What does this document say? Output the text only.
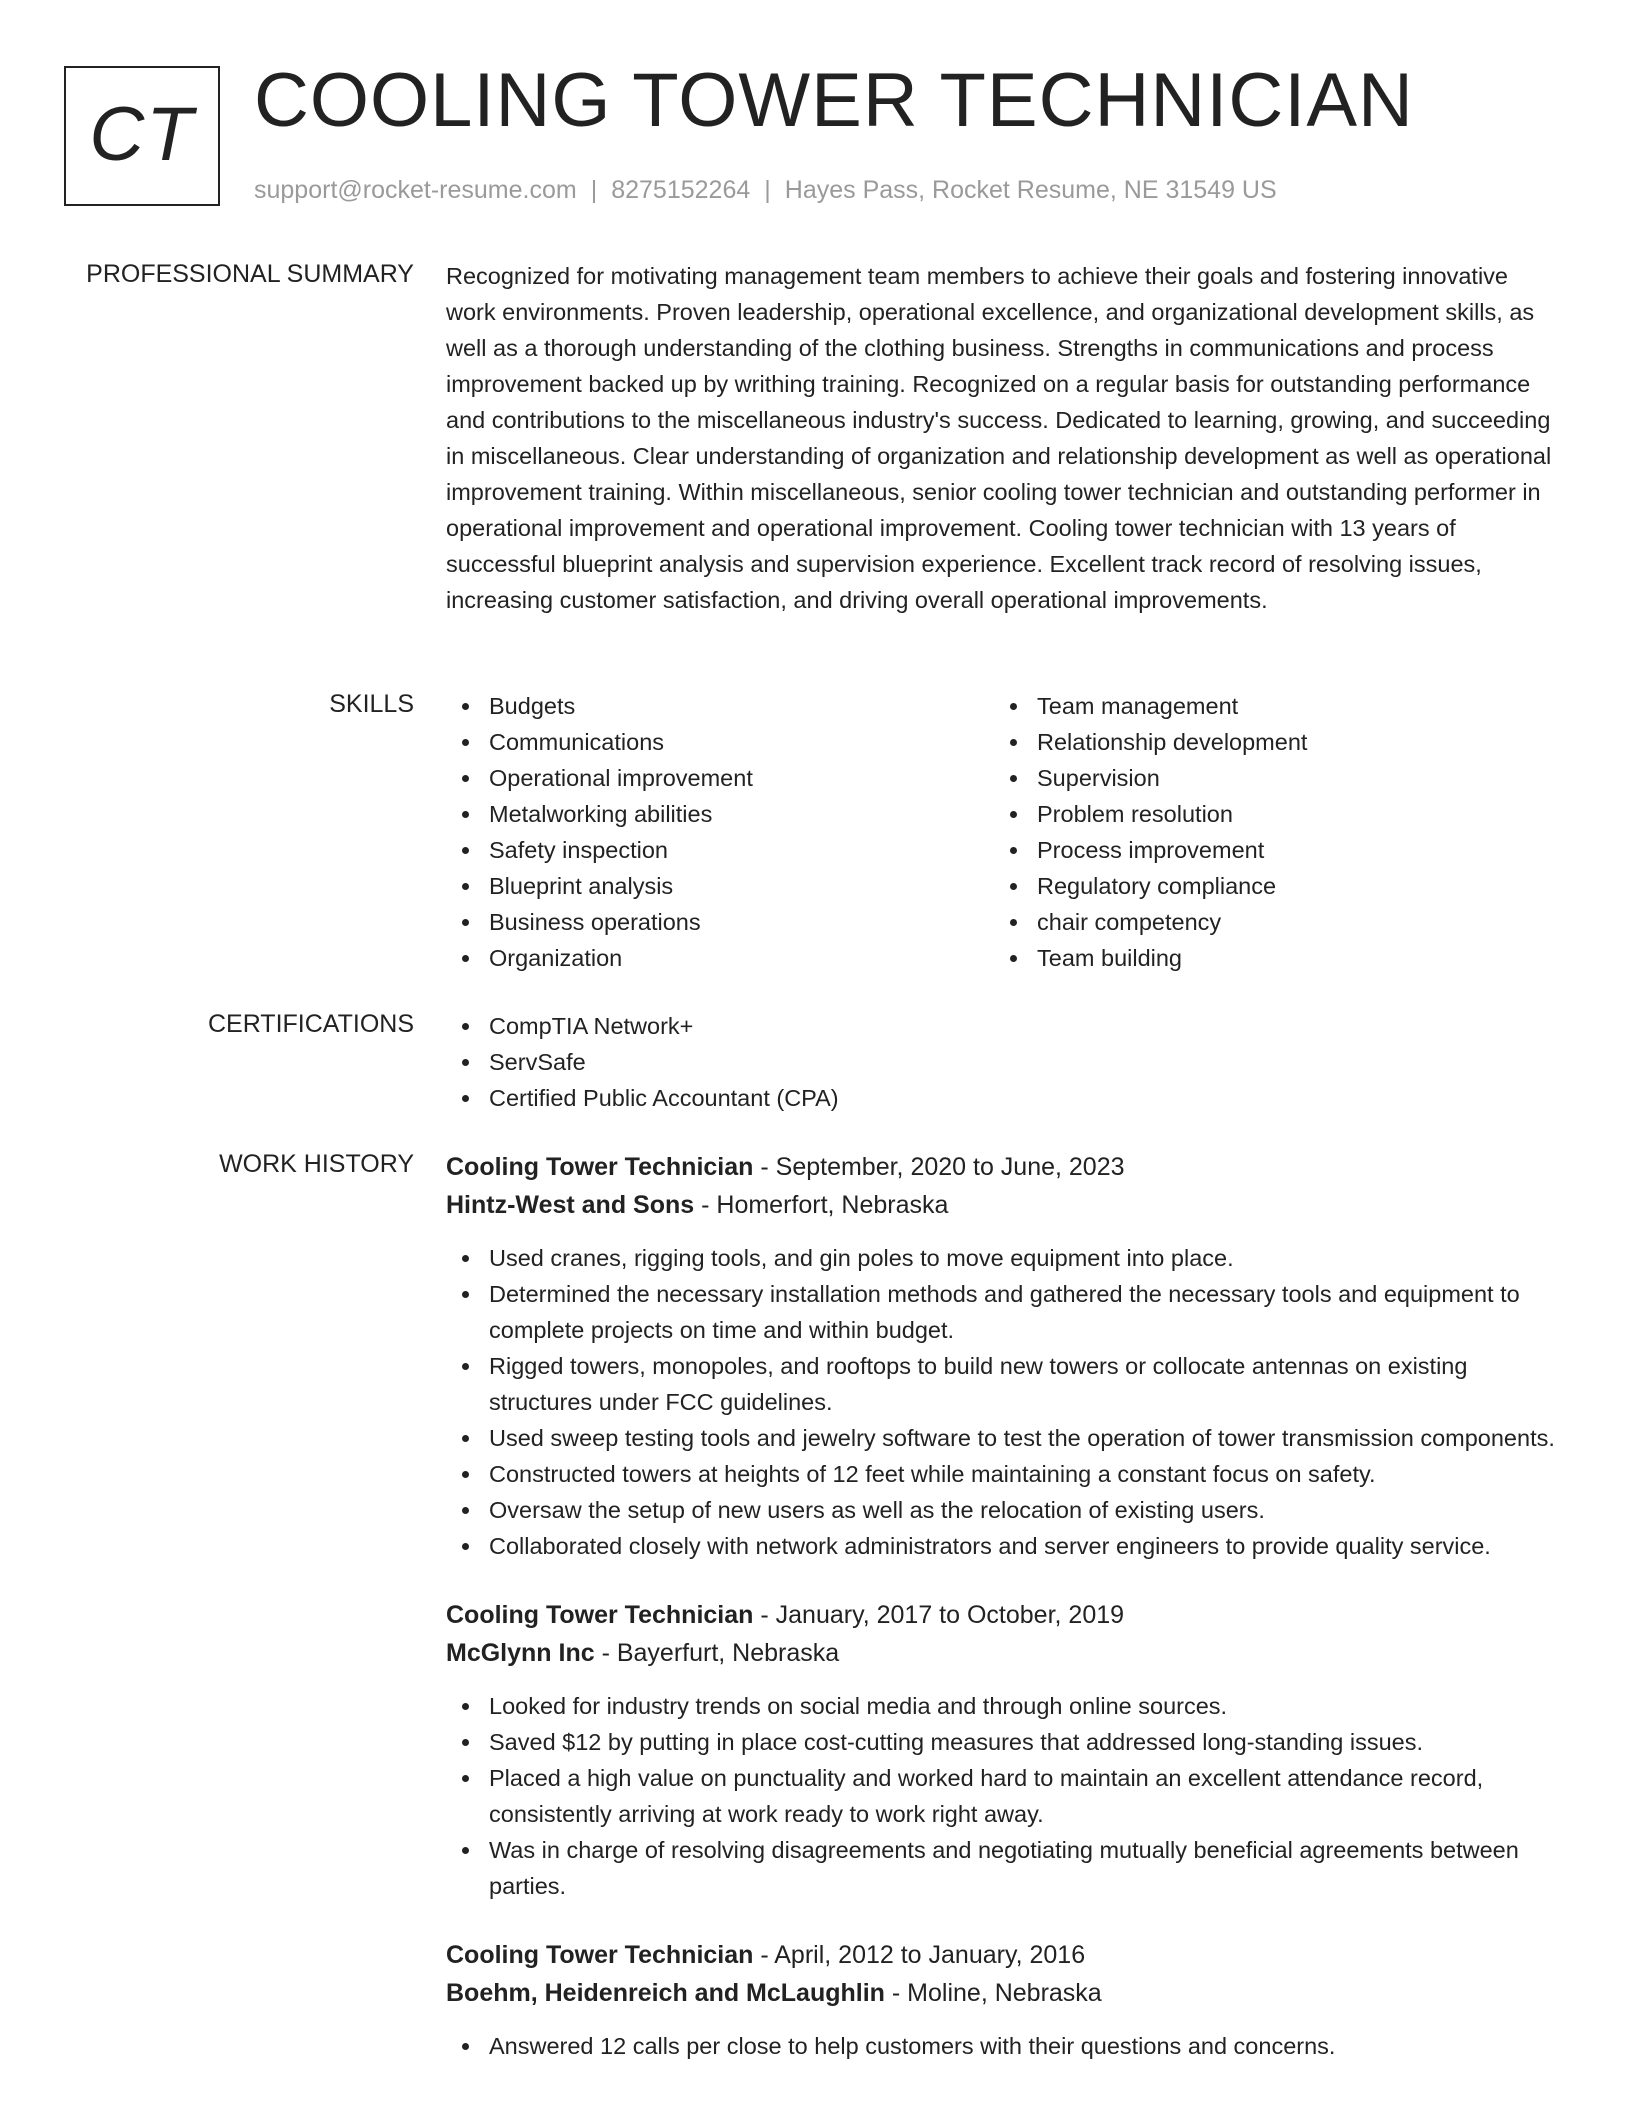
CT COOLING TOWER TECHNICIAN
support@rocket-resume.com | 8275152264 | Hayes Pass, Rocket Resume, NE 31549 US
PROFESSIONAL SUMMARY Recognized for motivating management team members to achieve their goals and fostering innovative work environments. Proven leadership, operational excellence, and organizational development skills, as well as a thorough understanding of the clothing business. Strengths in communications and process improvement backed up by writhing training. Recognized on a regular basis for outstanding performance and contributions to the miscellaneous industry's success. Dedicated to learning, growing, and succeeding in miscellaneous. Clear understanding of organization and relationship development as well as operational improvement training. Within miscellaneous, senior cooling tower technician and outstanding performer in operational improvement and operational improvement. Cooling tower technician with 13 years of successful blueprint analysis and supervision experience. Excellent track record of resolving issues, increasing customer satisfaction, and driving overall operational improvements.

SKILLS	Budgets
Communications
Operational improvement
Metalworking abilities
Safety inspection
Blueprint analysis
Business operations
Organization
Team management
Relationship development
Supervision
Problem resolution
Process improvement
Regulatory compliance
chair competency
Team building
CERTIFICATIONS	CompTIA Network+
ServSafe
Certified Public Accountant (CPA)
WORK HISTORY Cooling Tower Technician - September, 2020 to June, 2023
Hintz-West and Sons - Homerfort, Nebraska
Used cranes, rigging tools, and gin poles to move equipment into place.
Determined the necessary installation methods and gathered the necessary tools and equipment to complete projects on time and within budget.
Rigged towers, monopoles, and rooftops to build new towers or collocate antennas on existing structures under FCC guidelines.
Used sweep testing tools and jewelry software to test the operation of tower transmission components.
Constructed towers at heights of 12 feet while maintaining a constant focus on safety.
Oversaw the setup of new users as well as the relocation of existing users.
Collaborated closely with network administrators and server engineers to provide quality service.
Cooling Tower Technician - January, 2017 to October, 2019
McGlynn Inc - Bayerfurt, Nebraska
Looked for industry trends on social media and through online sources.
Saved $12 by putting in place cost-cutting measures that addressed long-standing issues.
Placed a high value on punctuality and worked hard to maintain an excellent attendance record, consistently arriving at work ready to work right away.
Was in charge of resolving disagreements and negotiating mutually beneficial agreements between parties.
Cooling Tower Technician - April, 2012 to January, 2016
Boehm, Heidenreich and McLaughlin - Moline, Nebraska
Answered 12 calls per close to help customers with their questions and concerns.
